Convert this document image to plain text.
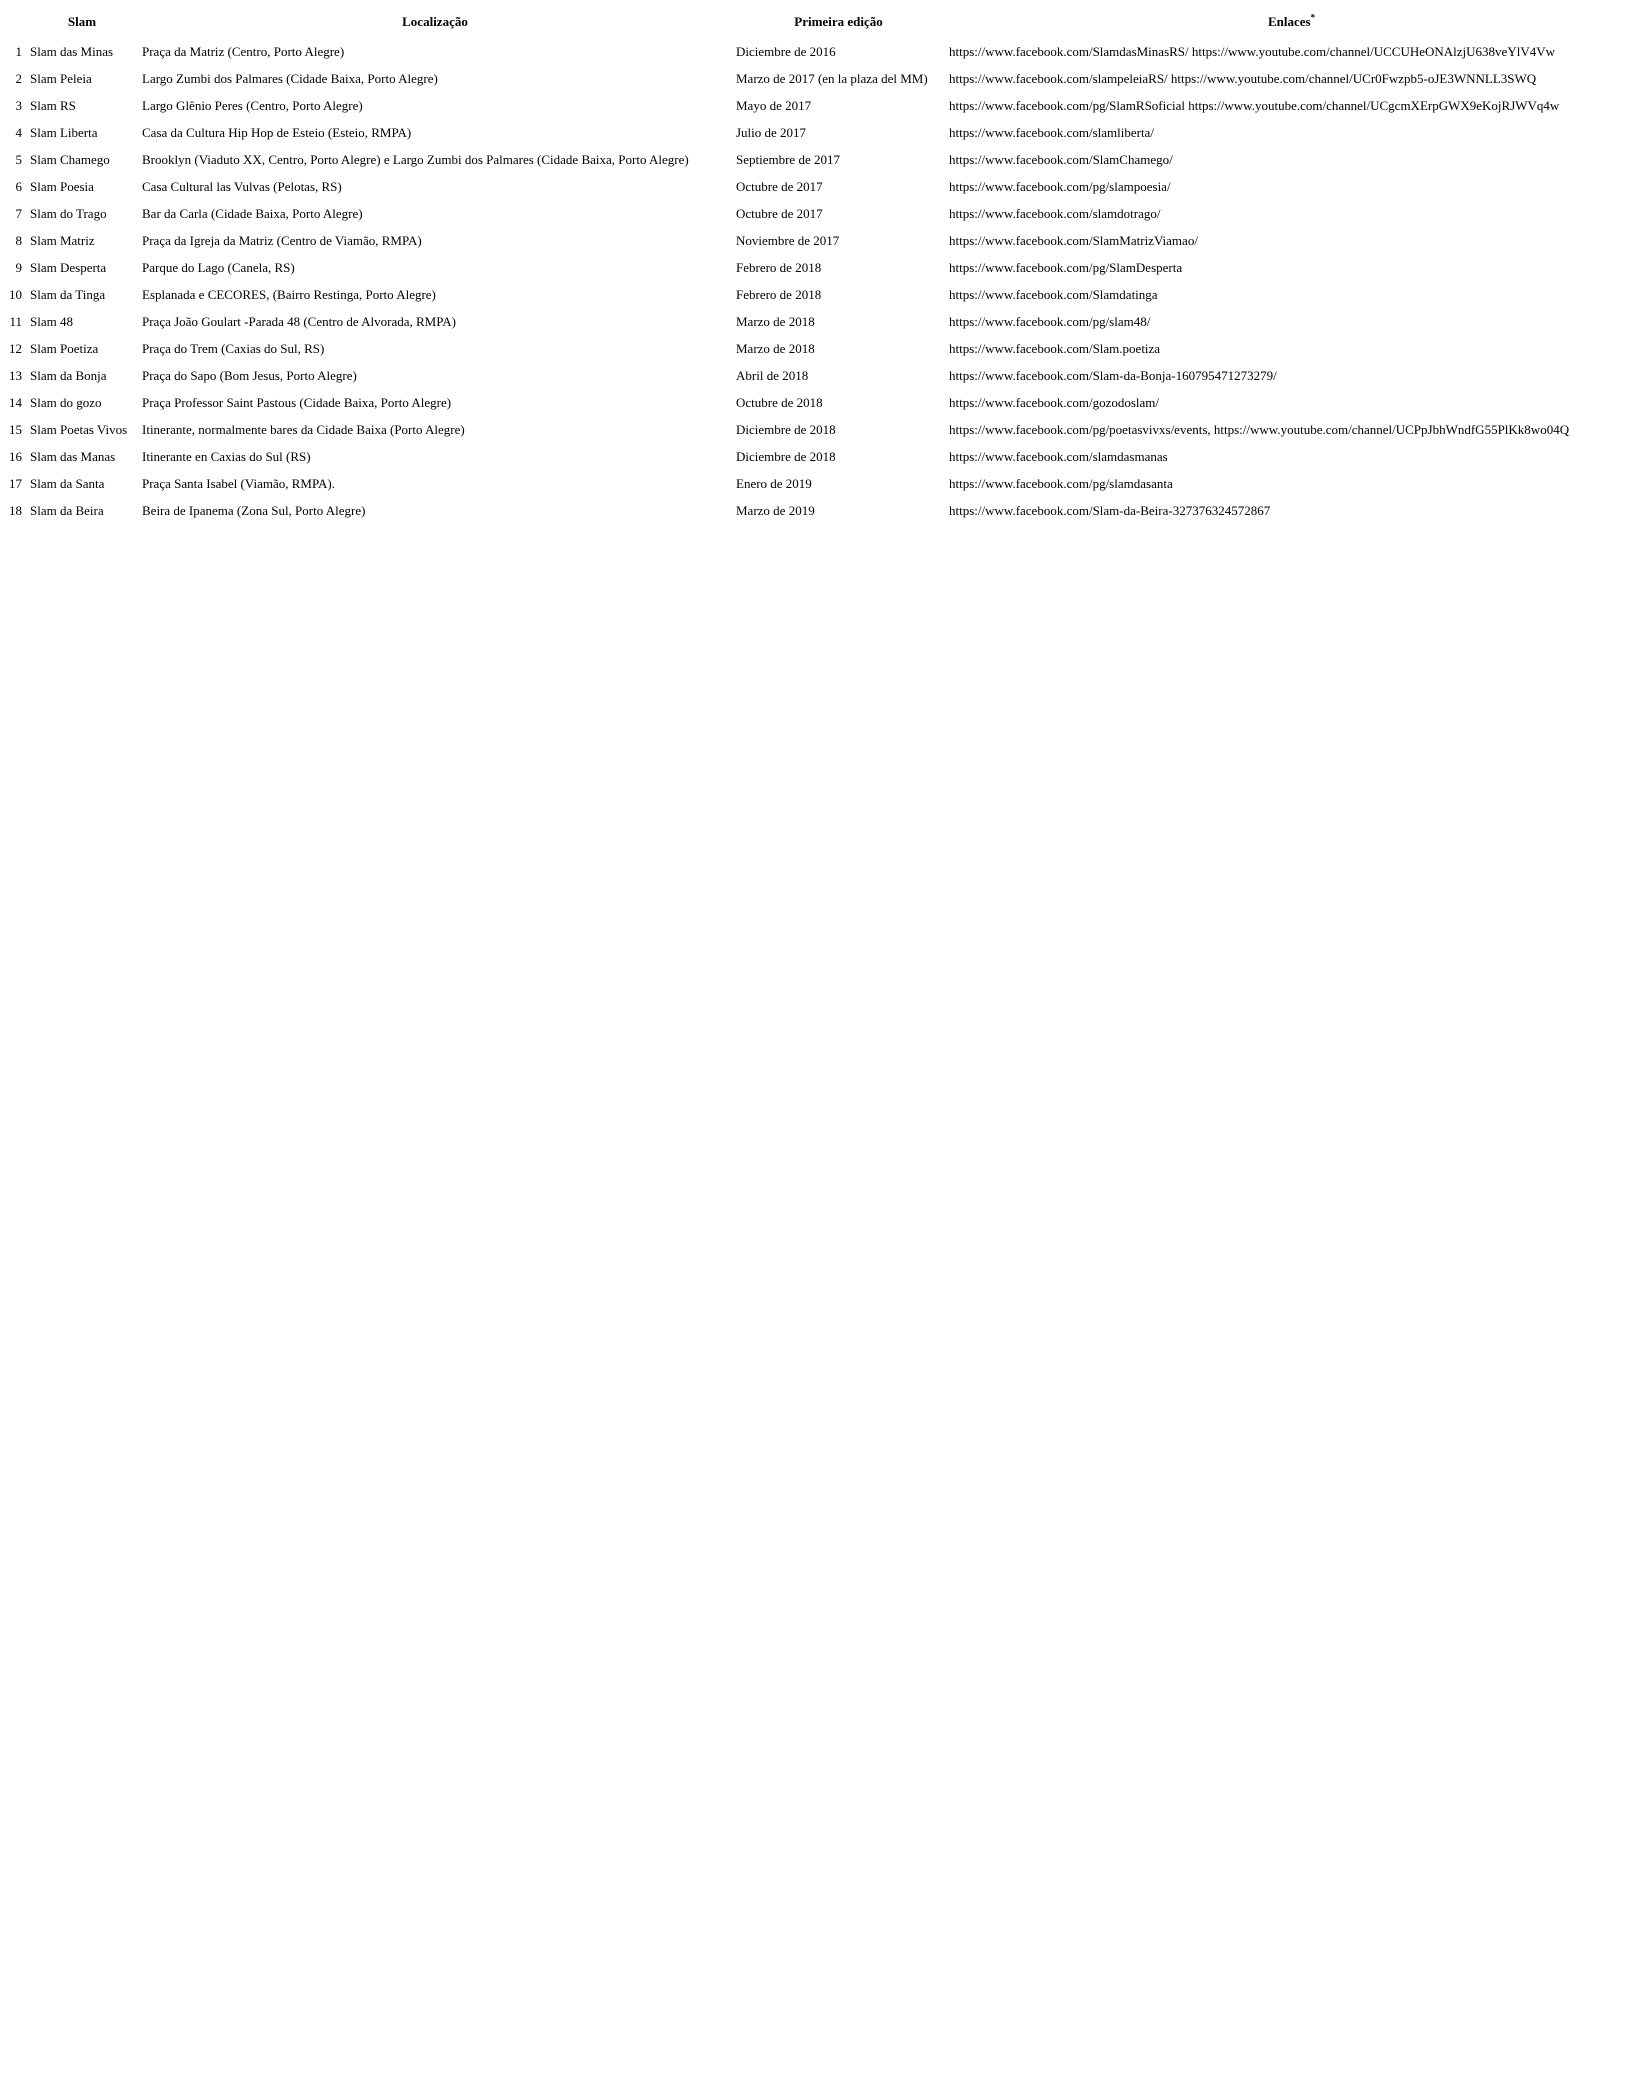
	Slam	Localização	Primeira edição	Enlaces*
1	Slam das Minas	Praça da Matriz (Centro, Porto Alegre)	Diciembre de 2016	https://www.facebook.com/SlamdasMinasRS/ https://www.youtube.com/channel/UCCUHeONAlzjU638veYlV4Vw
2	Slam Peleia	Largo Zumbi dos Palmares (Cidade Baixa, Porto Alegre)	Marzo de 2017 (en la plaza del MM)	https://www.facebook.com/slampeleiaRS/ https://www.youtube.com/channel/UCr0Fwzpb5-oJE3WNNLL3SWQ
3	Slam RS	Largo Glênio Peres (Centro, Porto Alegre)	Mayo de 2017	https://www.facebook.com/pg/SlamRSoficial https://www.youtube.com/channel/UCgcmXErpGWX9eKojRJWVq4w
4	Slam Liberta	Casa da Cultura Hip Hop de Esteio (Esteio, RMPA)	Julio de 2017	https://www.facebook.com/slamliberta/
5	Slam Chamego	Brooklyn (Viaduto XX, Centro, Porto Alegre) e Largo Zumbi dos Palmares (Cidade Baixa, Porto Alegre)	Septiembre de 2017	https://www.facebook.com/SlamChamego/
6	Slam Poesia	Casa Cultural las Vulvas (Pelotas, RS)	Octubre de 2017	https://www.facebook.com/pg/slampoesia/
7	Slam do Trago	Bar da Carla (Cidade Baixa, Porto Alegre)	Octubre de 2017	https://www.facebook.com/slamdotrago/
8	Slam Matriz	Praça da Igreja da Matriz (Centro de Viamão, RMPA)	Noviembre de 2017	https://www.facebook.com/SlamMatrizViamao/
9	Slam Desperta	Parque do Lago (Canela, RS)	Febrero de 2018	https://www.facebook.com/pg/SlamDesperta
10	Slam da Tinga	Esplanada e CECORES, (Bairro Restinga, Porto Alegre)	Febrero de 2018	https://www.facebook.com/Slamdatinga
11	Slam 48	Praça João Goulart -Parada 48 (Centro de Alvorada, RMPA)	Marzo de 2018	https://www.facebook.com/pg/slam48/
12	Slam Poetiza	Praça do Trem (Caxias do Sul, RS)	Marzo de 2018	https://www.facebook.com/Slam.poetiza
13	Slam da Bonja	Praça do Sapo (Bom Jesus, Porto Alegre)	Abril de 2018	https://www.facebook.com/Slam-da-Bonja-160795471273279/
14	Slam do gozo	Praça Professor Saint Pastous (Cidade Baixa, Porto Alegre)	Octubre de 2018	https://www.facebook.com/gozodoslam/
15	Slam Poetas Vivos	Itinerante, normalmente bares da Cidade Baixa (Porto Alegre)	Diciembre de 2018	https://www.facebook.com/pg/poetasvivxs/events, https://www.youtube.com/channel/UCPpJbhWndfG55PlKk8wo04Q
16	Slam das Manas	Itinerante en Caxias do Sul (RS)	Diciembre de 2018	https://www.facebook.com/slamdasmanas
17	Slam da Santa	Praça Santa Isabel (Viamão, RMPA).	Enero de 2019	https://www.facebook.com/pg/slamdasanta
18	Slam da Beira	Beira de Ipanema (Zona Sul, Porto Alegre)	Marzo de 2019	https://www.facebook.com/Slam-da-Beira-327376324572867
